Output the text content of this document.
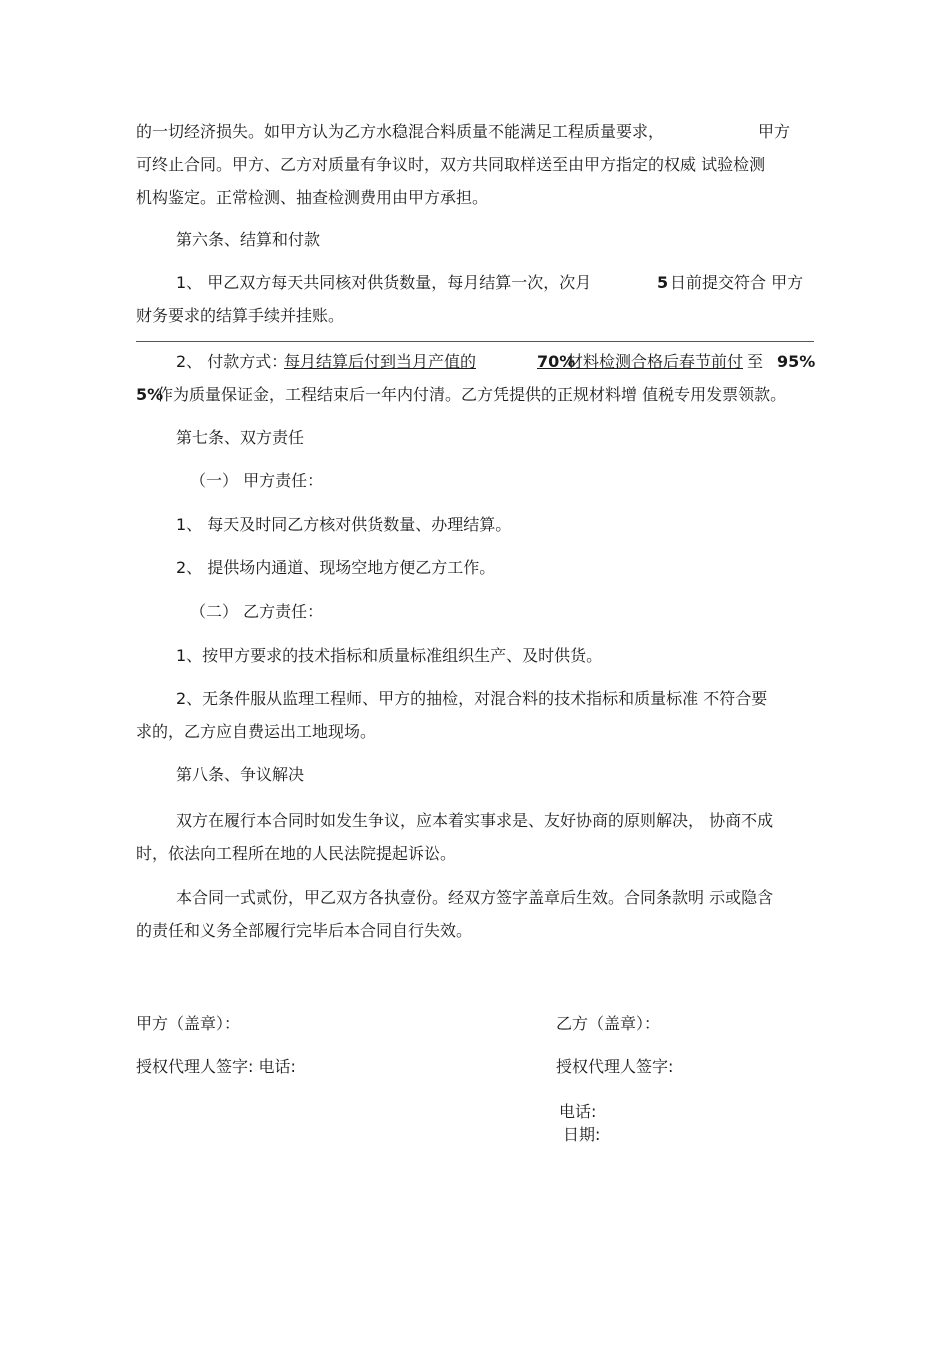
的一切经济损失。如甲方认为乙方水稳混合料质量不能满足工程质量要求，	甲方
可终止合同。甲方、乙方对质量有争议时，双方共同取样送至由甲方指定的权威 试验检测
机构鉴定。正常检测、抽查检测费用由甲方承担。
第六条、结算和付款
1、 甲乙双方每天共同核对供货数量，每月结算一次，次月	5 日前提交符合 甲方
财务要求的结算手续并挂账。
2、 付款方式：
每月结算后付到当月产值的	70%
材料检测合格后春节前付 至 95%
5%
作为质量保证金，工程结束后一年内付清。乙方凭提供的正规材料增 值税专用发票领款。
第七条、双方责任
（一） 甲方责任：
1、 每天及时同乙方核对供货数量、办理结算。
2、 提供场内通道、现场空地方便乙方工作。
（二） 乙方责任：
1、按甲方要求的技术指标和质量标准组织生产、及时供货。
2、无条件服从监理工程师、甲方的抽检，对混合料的技术指标和质量标准 不符合要
求的，乙方应自费运出工地现场。
第八条、争议解决
双方在履行本合同时如发生争议，应本着实事求是、友好协商的原则解决， 协商不成
时，依法向工程所在地的人民法院提起诉讼。
本合同一式贰份，甲乙双方各执壹份。经双方签字盖章后生效。合同条款明 示或隐含
的责任和义务全部履行完毕后本合同自行失效。
甲方（盖章）：
授权代理人签字: 电话:
乙方（盖章）：
授权代理人签字:
电话:
日期:
